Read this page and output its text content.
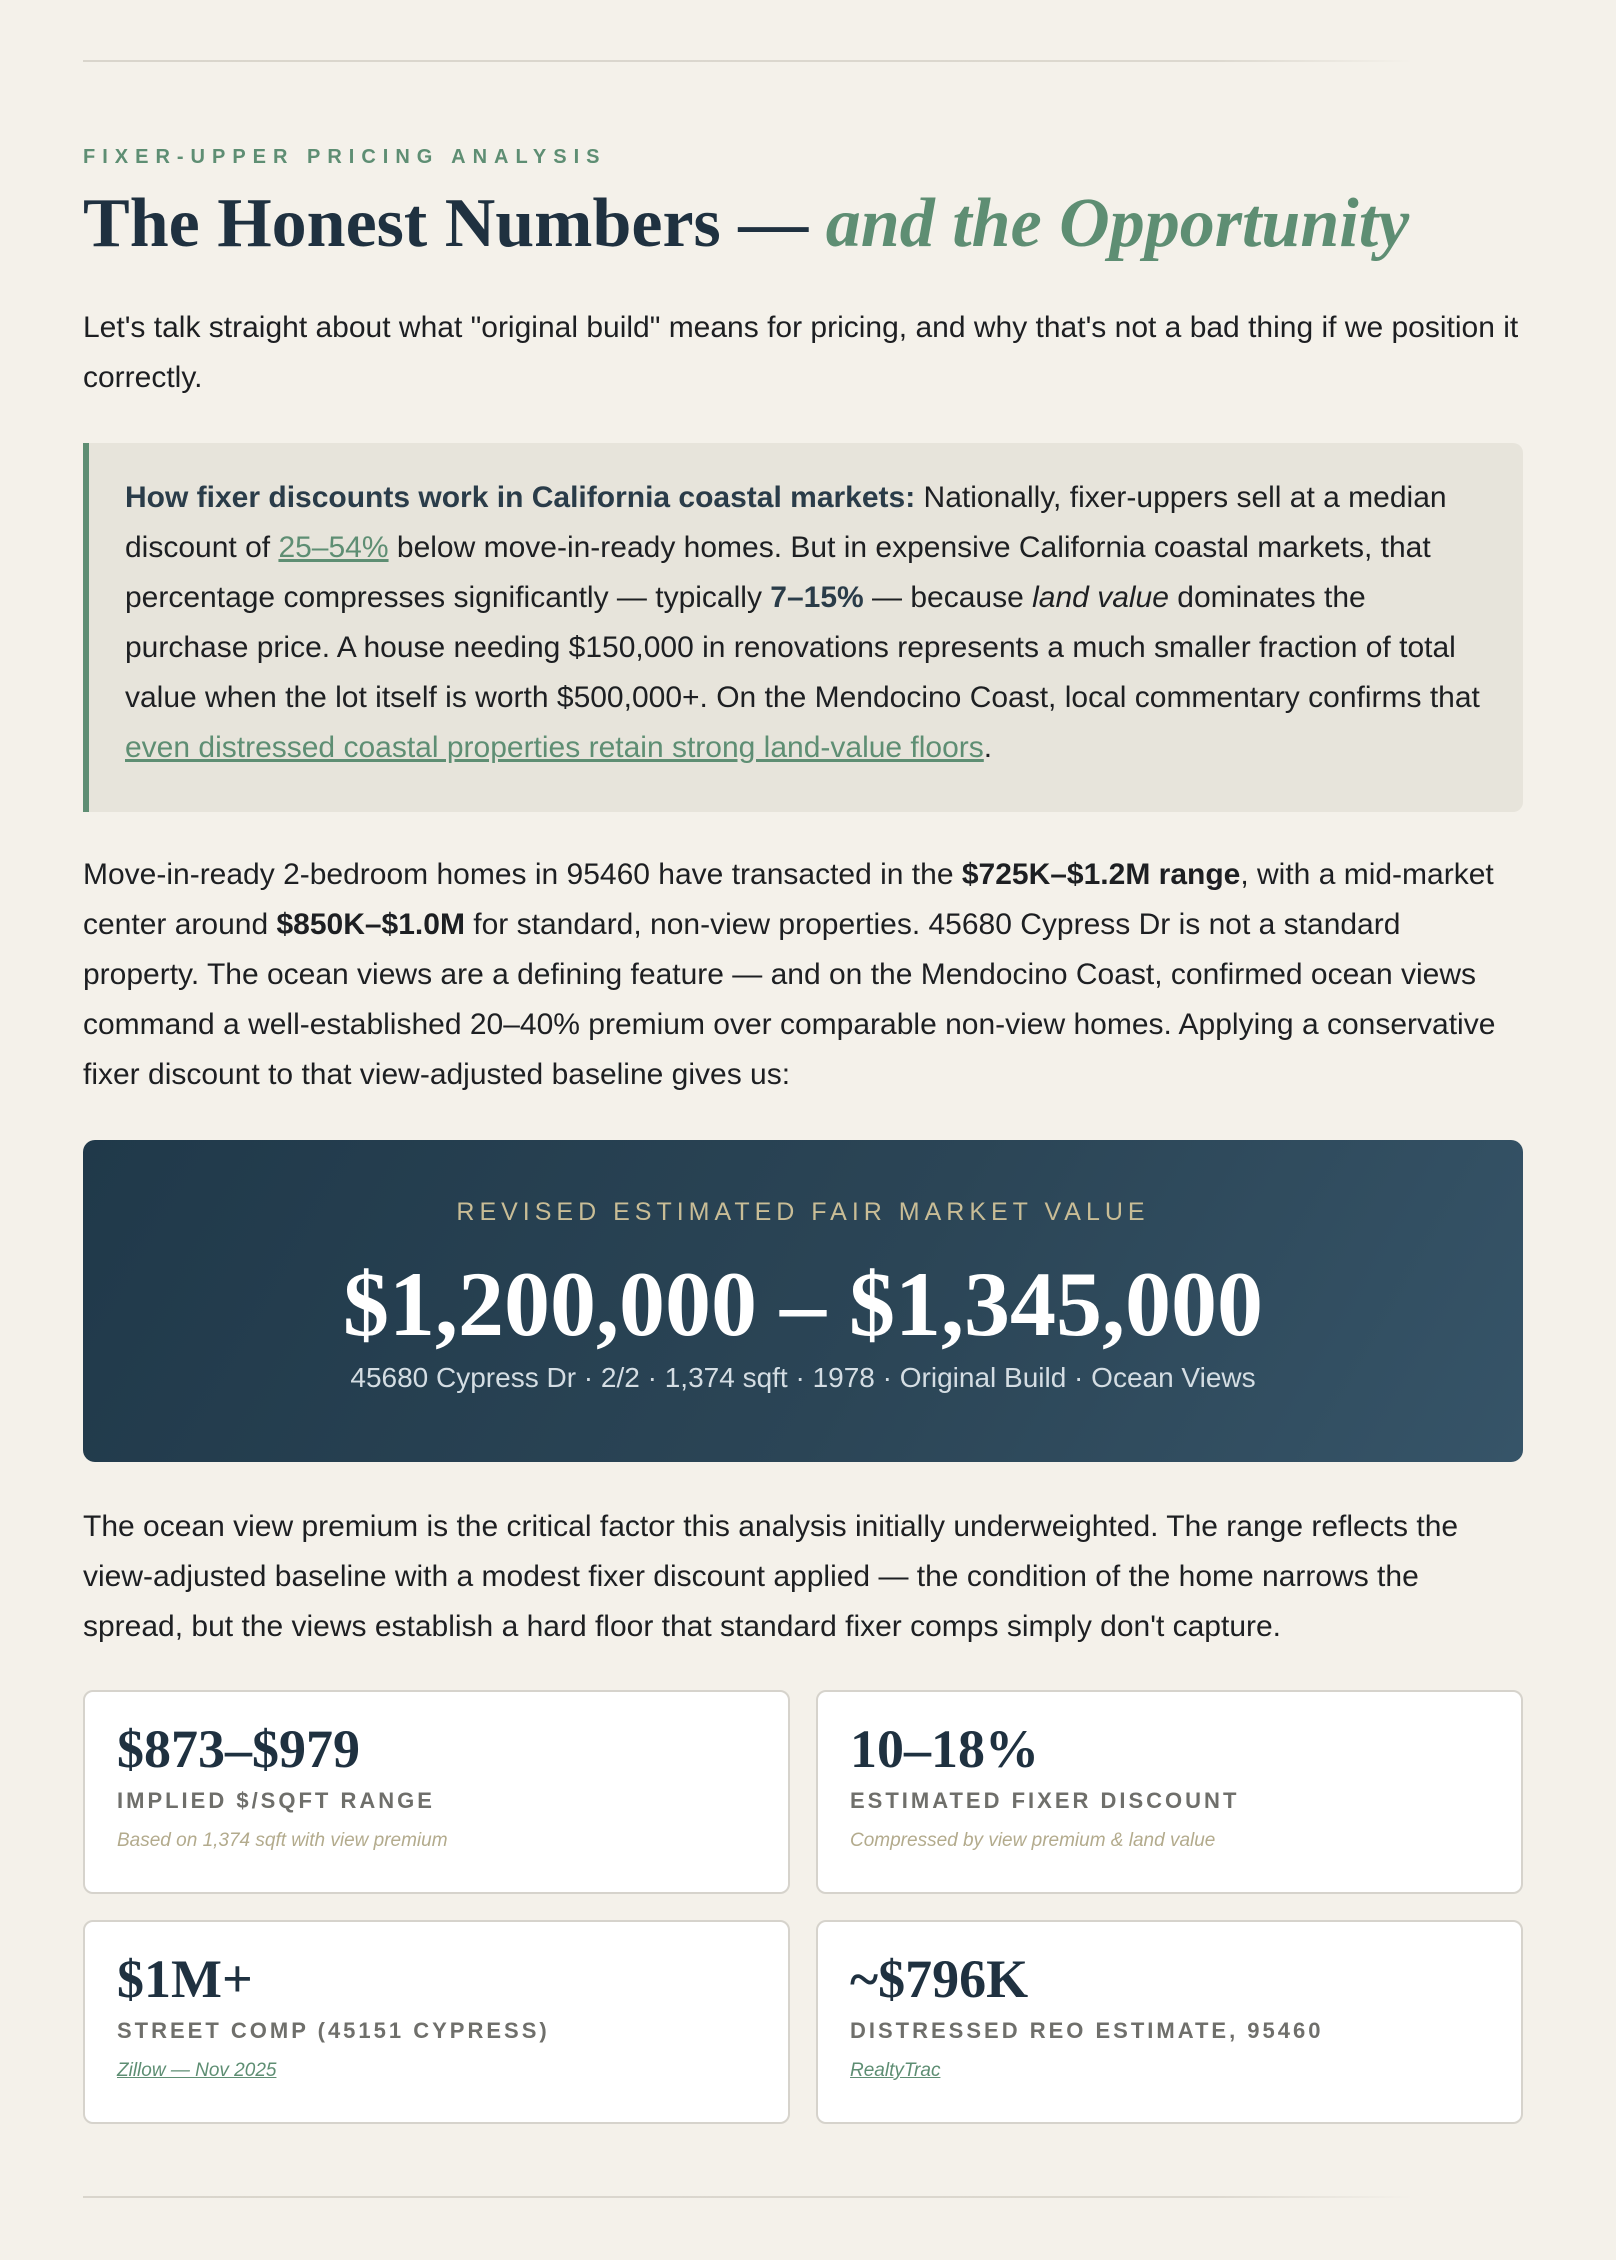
FIXER-UPPER PRICING ANALYSIS
The Honest Numbers — and the Opportunity

Let's talk straight about what "original build" means for pricing, and why that's not a bad thing if we position it correctly.

How fixer discounts work in California coastal markets: Nationally, fixer-uppers sell at a median discount of 25–54% below move-in-ready homes. But in expensive California coastal markets, that percentage compresses significantly — typically 7–15% — because land value dominates the purchase price. A house needing $150,000 in renovations represents a much smaller fraction of total value when the lot itself is worth $500,000+. On the Mendocino Coast, local commentary confirms that even distressed coastal properties retain strong land-value floors.

Move-in-ready 2-bedroom homes in 95460 have transacted in the $725K–$1.2M range, with a mid-market center around $850K–$1.0M for standard, non-view properties. 45680 Cypress Dr is not a standard property. The ocean views are a defining feature — and on the Mendocino Coast, confirmed ocean views command a well-established 20–40% premium over comparable non-view homes. Applying a conservative fixer discount to that view-adjusted baseline gives us:

REVISED ESTIMATED FAIR MARKET VALUE
$1,200,000 – $1,345,000
45680 Cypress Dr · 2/2 · 1,374 sqft · 1978 · Original Build · Ocean Views

The ocean view premium is the critical factor this analysis initially underweighted. The range reflects the view-adjusted baseline with a modest fixer discount applied — the condition of the home narrows the spread, but the views establish a hard floor that standard fixer comps simply don't capture.

$873–$979
IMPLIED $/SQFT RANGE
Based on 1,374 sqft with view premium
10–18%
ESTIMATED FIXER DISCOUNT
Compressed by view premium & land value
$1M+
STREET COMP (45151 CYPRESS)
Zillow — Nov 2025
~$796K
DISTRESSED REO ESTIMATE, 95460
RealtyTrac
